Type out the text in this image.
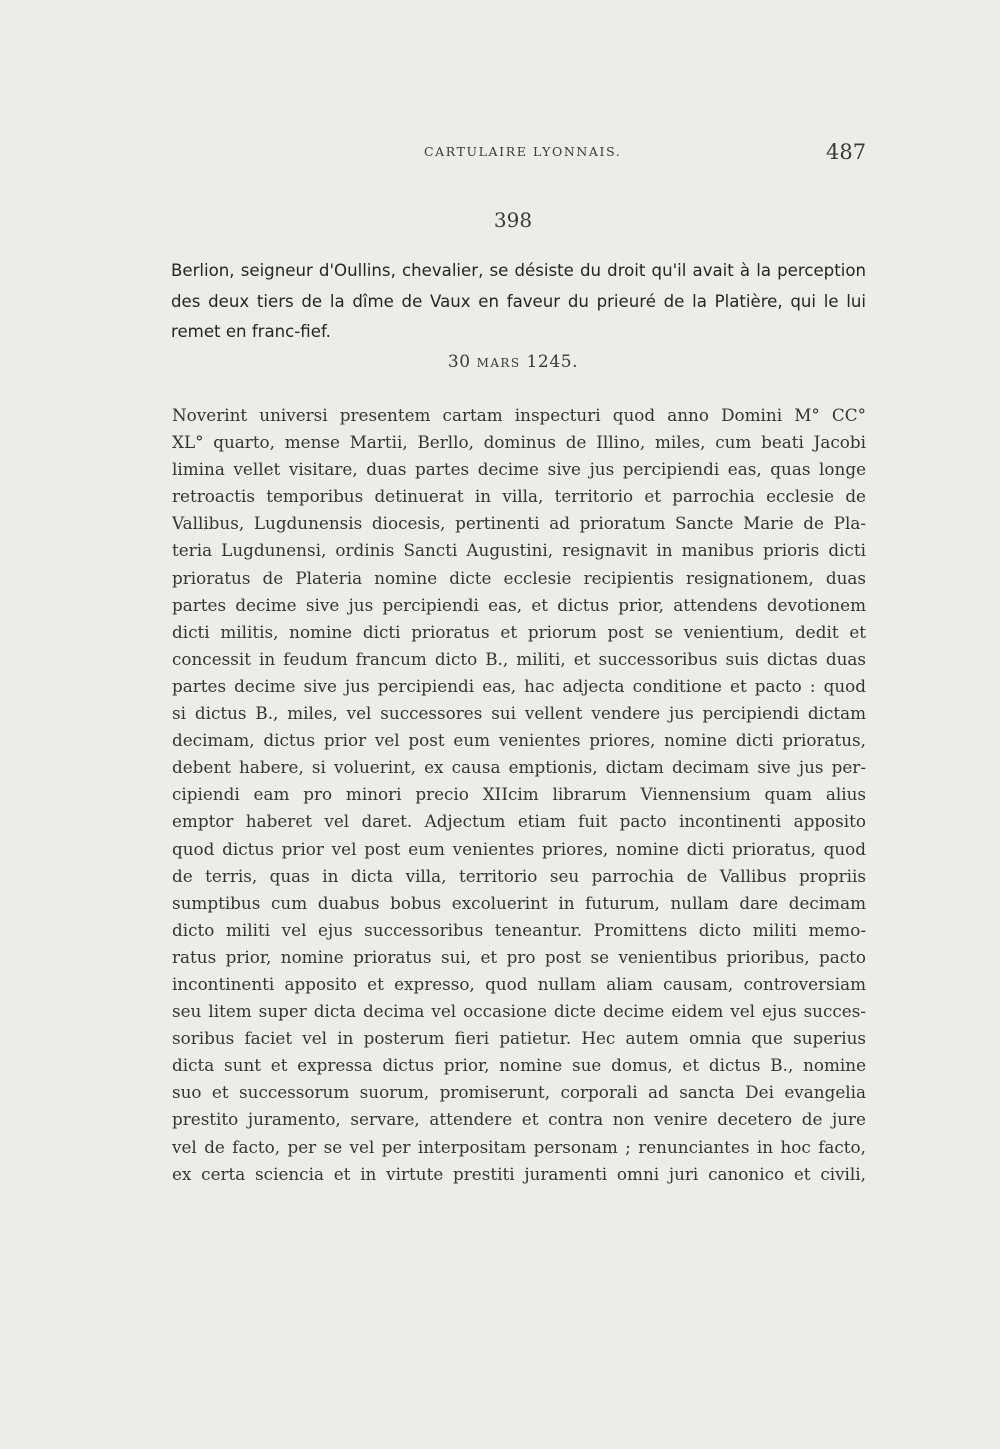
CARTULAIRE LYONNAIS.	487
398

Berlion, seigneur d'Oullins, chevalier, se désiste du droit qu'il avait à la perception des deux tiers de la dîme de Vaux en faveur du prieuré de la Platière, qui le lui remet en franc-fief.

30 MARS 1245.
Noverint universi presentem cartam inspecturi quod anno Domini M° CC°
XL° quarto, mense Martii, Berllo, dominus de Illino, miles, cum beati Jacobi
limina vellet visitare, duas partes decime sive jus percipiendi eas, quas longe
retroactis temporibus detinuerat in villa, territorio et parrochia ecclesie de
Vallibus, Lugdunensis diocesis, pertinenti ad prioratum Sancte Marie de Pla-
teria Lugdunensi, ordinis Sancti Augustini, resignavit in manibus prioris dicti
prioratus de Plateria nomine dicte ecclesie recipientis resignationem, duas
partes decime sive jus percipiendi eas, et dictus prior, attendens devotionem
dicti militis, nomine dicti prioratus et priorum post se venientium, dedit et
concessit in feudum francum dicto B., militi, et successoribus suis dictas duas
partes decime sive jus percipiendi eas, hac adjecta conditione et pacto : quod
si dictus B., miles, vel successores sui vellent vendere jus percipiendi dictam
decimam, dictus prior vel post eum venientes priores, nomine dicti prioratus,
debent habere, si voluerint, ex causa emptionis, dictam decimam sive jus per-
cipiendi eam pro minori precio XIIcim librarum Viennensium quam alius
emptor haberet vel daret. Adjectum etiam fuit pacto incontinenti apposito
quod dictus prior vel post eum venientes priores, nomine dicti prioratus, quod
de terris, quas in dicta villa, territorio seu parrochia de Vallibus propriis
sumptibus cum duabus bobus excoluerint in futurum, nullam dare decimam
dicto militi vel ejus successoribus teneantur. Promittens dicto militi memo-
ratus prior, nomine prioratus sui, et pro post se venientibus prioribus, pacto
incontinenti apposito et expresso, quod nullam aliam causam, controversiam
seu litem super dicta decima vel occasione dicte decime eidem vel ejus succes-
soribus faciet vel in posterum fieri patietur. Hec autem omnia que superius
dicta sunt et expressa dictus prior, nomine sue domus, et dictus B., nomine
suo et successorum suorum, promiserunt, corporali ad sancta Dei evangelia
prestito juramento, servare, attendere et contra non venire decetero de jure
vel de facto, per se vel per interpositam personam ; renunciantes in hoc facto,
ex certa sciencia et in virtute prestiti juramenti omni juri canonico et civili,
